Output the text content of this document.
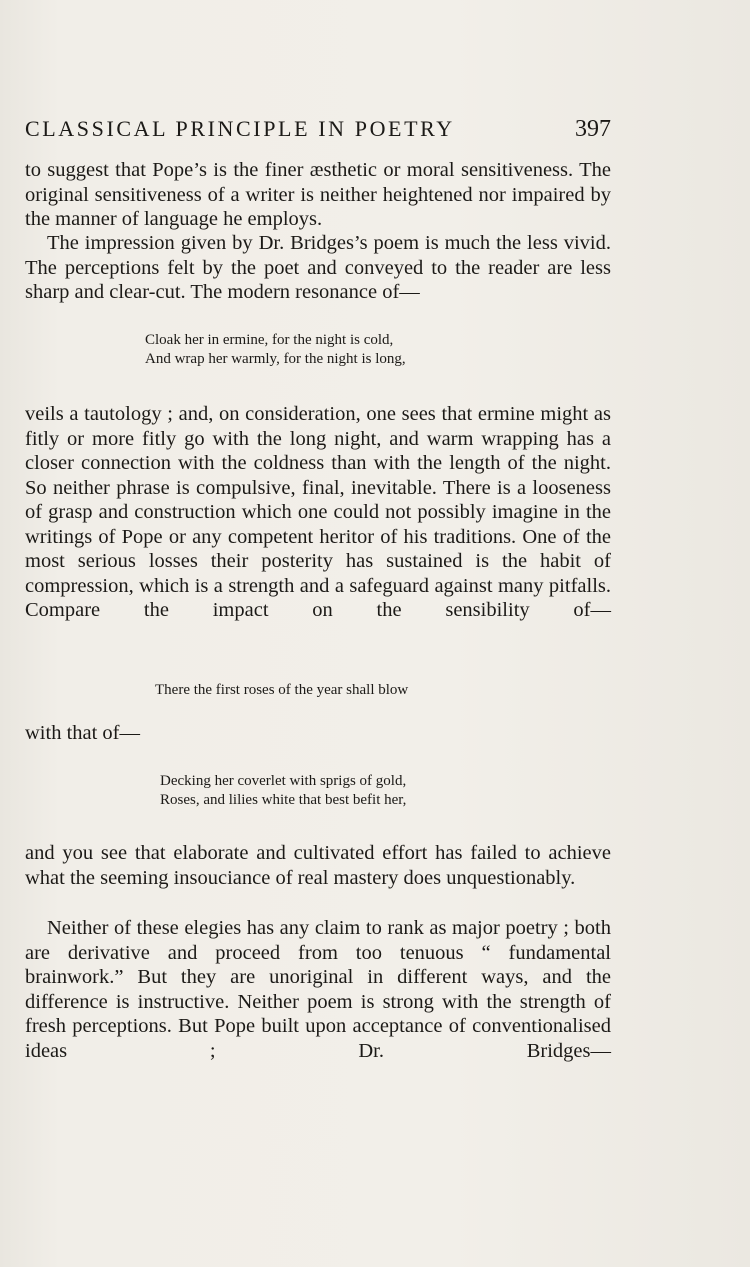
CLASSICAL PRINCIPLE IN POETRY	397

to suggest that Pope’s is the finer æsthetic or moral sensitiveness. The original sensitiveness of a writer is neither heightened nor impaired by the manner of language he employs.

The impression given by Dr. Bridges’s poem is much the less vivid. The perceptions felt by the poet and conveyed to the reader are less sharp and clear-cut. The modern resonance of—

Cloak her in ermine, for the night is cold,
And wrap her warmly, for the night is long,

veils a tautology ; and, on consideration, one sees that ermine might as fitly or more fitly go with the long night, and warm wrapping has a closer connection with the coldness than with the length of the night. So neither phrase is compulsive, final, inevitable. There is a looseness of grasp and construction which one could not possibly imagine in the writings of Pope or any competent heritor of his traditions. One of the most serious losses their posterity has sustained is the habit of compression, which is a strength and a safeguard against many pitfalls. Compare the impact on the sensibility of—

There the first roses of the year shall blow

with that of—

Decking her coverlet with sprigs of gold,
Roses, and lilies white that best befit her,

and you see that elaborate and cultivated effort has failed to achieve what the seeming insouciance of real mastery does unquestionably.

Neither of these elegies has any claim to rank as major poetry ; both are derivative and proceed from too tenuous “ fundamental brainwork.” But they are unoriginal in different ways, and the difference is instructive. Neither poem is strong with the strength of fresh perceptions. But Pope built upon acceptance of conventionalised ideas ; Dr. Bridges—
